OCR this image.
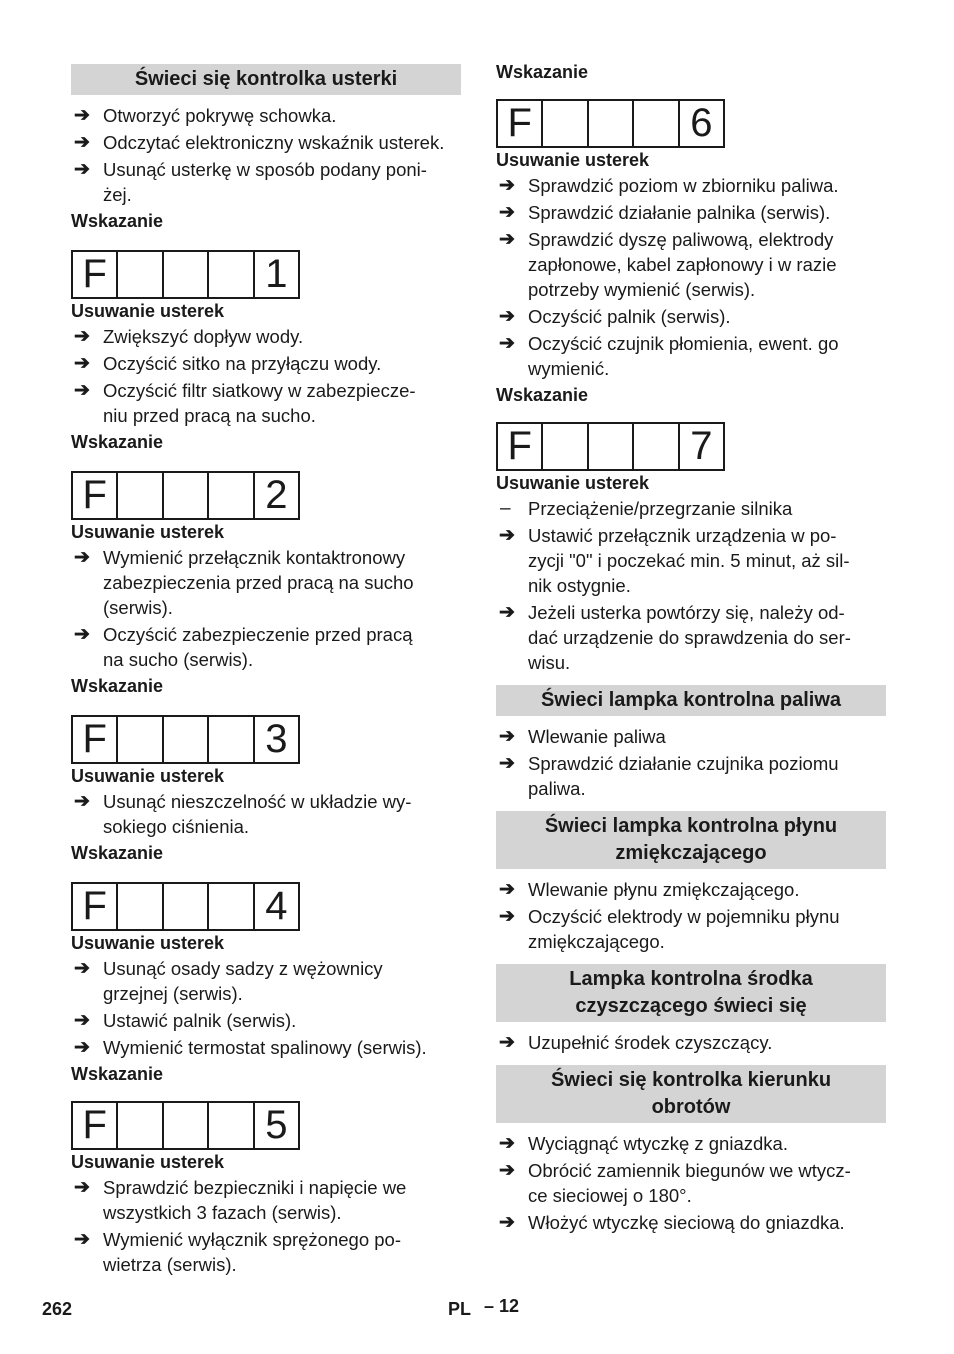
Świeci się kontrolka usterki
➔ Otworzyć pokrywę schowka.
➔ Odczytać elektroniczny wskaźnik usterek.
➔ Usunąć usterkę w sposób podany poni-
żej.
Wskazanie
F	1
Usuwanie usterek
➔ Zwiększyć dopływ wody.
➔ Oczyścić sitko na przyłączu wody.
➔ Oczyścić filtr siatkowy w zabezpiecze-
niu przed pracą na sucho.
Wskazanie
F	2
Usuwanie usterek
➔ Wymienić przełącznik kontaktronowy
zabezpieczenia przed pracą na sucho
(serwis).
➔ Oczyścić zabezpieczenie przed pracą
na sucho (serwis).
Wskazanie
F	3
Usuwanie usterek
➔ Usunąć nieszczelność w układzie wy-
sokiego ciśnienia.
Wskazanie
F	4
Usuwanie usterek
➔ Usunąć osady sadzy z wężownicy
grzejnej (serwis).
➔ Ustawić palnik (serwis).
➔ Wymienić termostat spalinowy (serwis).
Wskazanie
F	5
Usuwanie usterek
➔ Sprawdzić bezpieczniki i napięcie we
wszystkich 3 fazach (serwis).
➔ Wymienić wyłącznik sprężonego po-
wietrza (serwis).
Wskazanie
F	6
Usuwanie usterek
➔ Sprawdzić poziom w zbiorniku paliwa.
➔ Sprawdzić działanie palnika (serwis).
➔ Sprawdzić dyszę paliwową, elektrody
zapłonowe, kabel zapłonowy i w razie
potrzeby wymienić (serwis).
➔ Oczyścić palnik (serwis).
➔ Oczyścić czujnik płomienia, ewent. go
wymienić.
Wskazanie
F	7
Usuwanie usterek
– Przeciążenie/przegrzanie silnika
➔ Ustawić przełącznik urządzenia w po-
zycji "0" i poczekać min. 5 minut, aż sil-
nik ostygnie.
➔ Jeżeli usterka powtórzy się, należy od-
dać urządzenie do sprawdzenia do ser-
wisu.
Świeci lampka kontrolna paliwa
➔ Wlewanie paliwa
➔ Sprawdzić działanie czujnika poziomu
paliwa.
Świeci lampka kontrolna płynu
zmiękczającego
➔ Wlewanie płynu zmiękczającego.
➔ Oczyścić elektrody w pojemniku płynu
zmiękczającego.
Lampka kontrolna środka
czyszczącego świeci się
➔ Uzupełnić środek czyszczący.
Świeci się kontrolka kierunku
obrotów
➔ Wyciągnąć wtyczkę z gniazdka.
➔ Obrócić zamiennik biegunów we wtycz-
ce sieciowej o 180°.
➔ Włożyć wtyczkę sieciową do gniazdka.
262	PL – 12
